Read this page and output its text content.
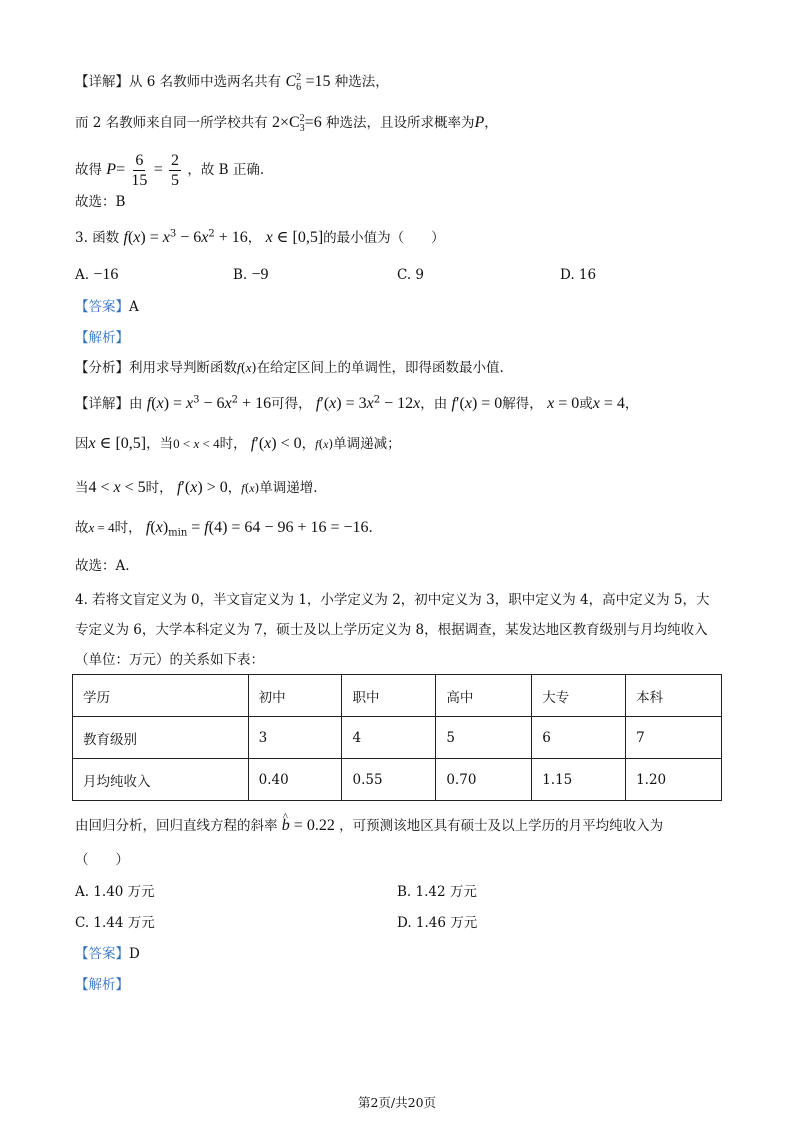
【详解】从 6 名教师中选两名共有 C 2
6 =15 种选法，
而 2 名教师来自同一所学校共有 2×C 2
3 =6 种选法，且设所求概率为P，
故得 $P= \frac{6}{15} = \frac{2}{5}$ ，故 B 正确.
故选：B
3. 函数 $f(x) = x^3 - 6x^2 + 16$， x ∈ [0,5]的最小值为（　　）
A. −16	B. −9	C. 9	D. 16
【答案】A
【解析】
【分析】利用求导判断函数f(x)在给定区间上的单调性，即得函数最小值.
【详解】由 $f(x) = x^3 - 6x^2 + 16$可得， $f'(x) = 3x^2 - 12x$，由 f′(x) = 0解得， x = 0或x = 4，
因x ∈ [0,5]，当0 < x < 4时， f′(x) < 0，f(x)单调递减；
当4 < x < 5时， f′(x) > 0，f(x)单调递增.
故x = 4时， $f(x)_{min} = f(4) = 64 - 96 + 16 = -16$.
故选：A.
4. 若将文盲定义为 0，半文盲定义为 1，小学定义为 2，初中定义为 3，职中定义为 4，高中定义为 5，大
专定义为 6，大学本科定义为 7，硕士及以上学历定义为 8，根据调查，某发达地区教育级别与月均纯收入
（单位：万元）的关系如下表：
学历	初中	职中	高中	大专	本科
教育级别	3	4	5	6	7
月均纯收入	0.40	0.55	0.70	1.15	1.20
由回归分析，回归直线方程的斜率 ^ b = 0.22 ，可预测该地区具有硕士及以上学历的月平均纯收入为
（　　）
A. 1.40 万元	B. 1.42 万元
C. 1.44 万元	D. 1.46 万元
【答案】D
【解析】
第2页/共20页
